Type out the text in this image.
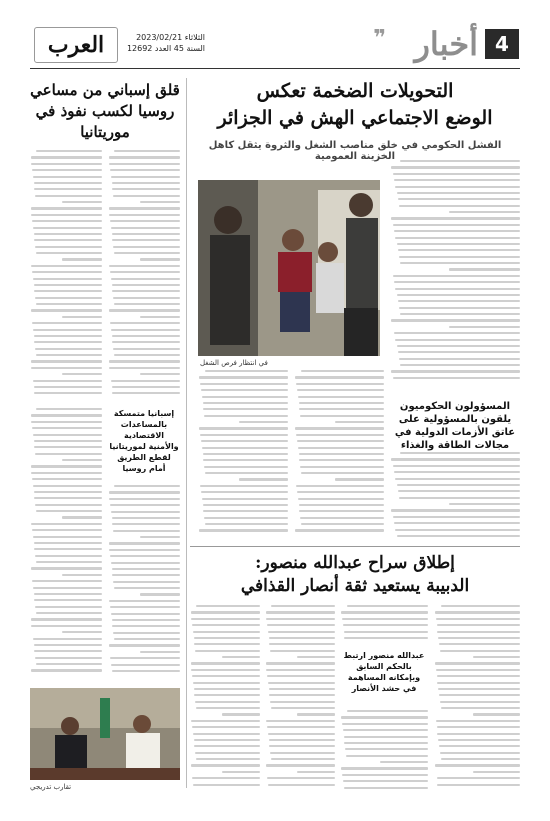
4
أخبار
❞
الثلاثاء 2023/02/21
السنة 45 العدد 12692
العرب
التحويلات الضخمة تعكس
الوضع الاجتماعي الهش في الجزائر
الفشل الحكومي في خلق مناصب الشغل والثروة يثقل كاهل الخزينة العمومية
قلق إسباني من مساعي روسيا لكسب نفوذ في موريتانيا
المسؤولون الحكوميون يلقون بالمسؤولية على عاتق الأزمات الدولية في مجالات الطاقة والغذاء
في انتظار فرص الشغل
إسبانيا متمسكة بالمساعدات الاقتصادية والأمنية لموريتانيا لقطع الطريق أمام روسيا
إطلاق سراح عبدالله منصور:
الدبيبة يستعيد ثقة أنصار القذافي
عبدالله منصور ارتبط بالحكم السابق وبإمكانه المساهمة في حشد الأنصار
تقارب تدريجي
